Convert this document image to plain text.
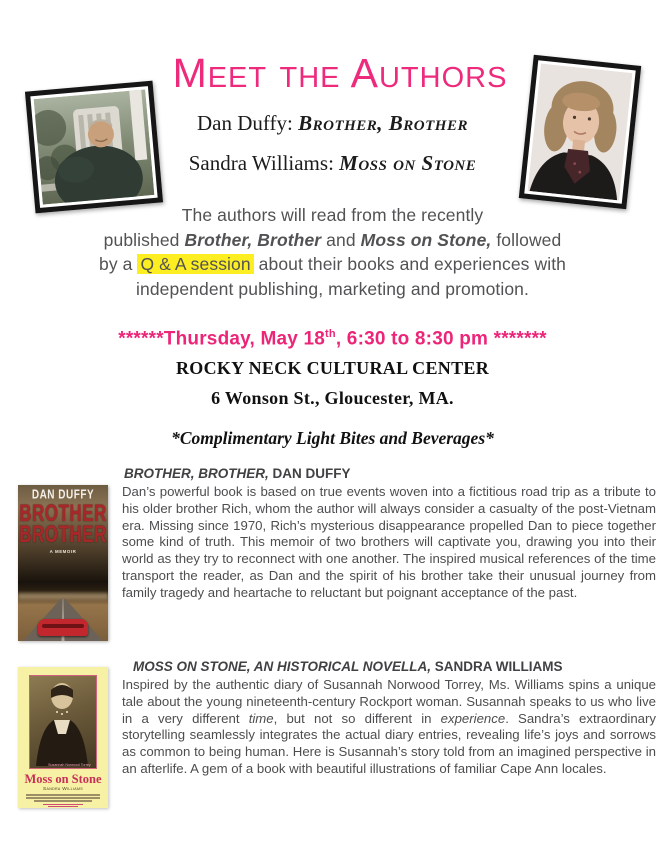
Meet the Authors
Dan Duffy: Brother, Brother
Sandra Williams: Moss on Stone
The authors will read from the recently
published Brother, Brother and Moss on Stone, followed
by a Q & A session about their books and experiences with
independent publishing, marketing and promotion.
******Thursday, May 18th, 6:30 to 8:30 pm *******
ROCKY NECK CULTURAL CENTER
6 Wonson St., Gloucester, MA.
*Complimentary Light Bites and Beverages*
DAN DUFFY
BROTHER
BROTHER
A MEMOIR
BROTHER, BROTHER, DAN DUFFY

Dan’s powerful book is based on true events woven into a fictitious road trip as a tribute to his older brother Rich, whom the author will always consider a casualty of the post-Vietnam era. Missing since 1970, Rich’s mysterious disappearance propelled Dan to piece together some kind of truth. This memoir of two brothers will captivate you, drawing you into their world as they try to reconnect with one another. The inspired musical references of the time transport the reader, as Dan and the spirit of his brother take their unusual journey from family tragedy and heartache to reluctant but poignant acceptance of the past.

Susannah Norwood Torrey
Moss on Stone
Sandra Williams
MOSS ON STONE, AN HISTORICAL NOVELLA, SANDRA WILLIAMS

Inspired by the authentic diary of Susannah Norwood Torrey, Ms. Williams spins a unique tale about the young nineteenth-century Rockport woman. Susannah speaks to us who live in a very different time, but not so different in experience. Sandra’s extraordinary storytelling seamlessly integrates the actual diary entries, revealing life’s joys and sorrows as common to being human. Here is Susannah’s story told from an imagined perspective in an afterlife. A gem of a book with beautiful illustrations of familiar Cape Ann locales.
